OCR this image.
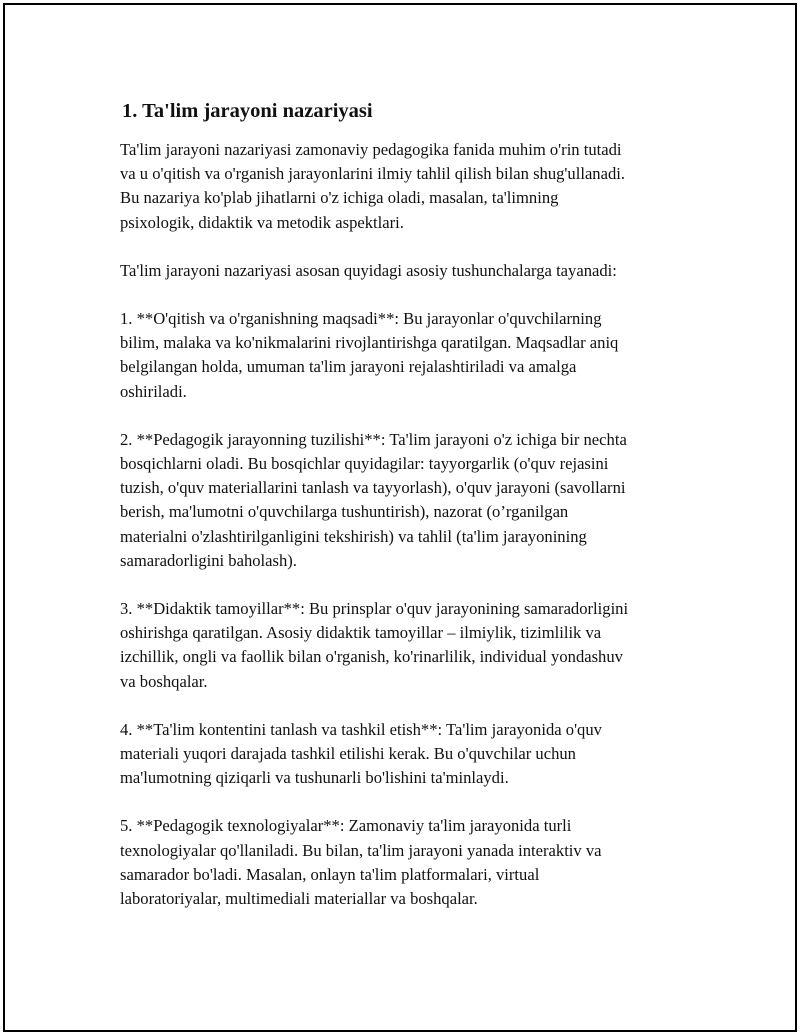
1. Ta'lim jarayoni nazariyasi

Ta'lim jarayoni nazariyasi zamonaviy pedagogika fanida muhim o'rin tutadi
va u o'qitish va o'rganish jarayonlarini ilmiy tahlil qilish bilan shug'ullanadi.
Bu nazariya ko'plab jihatlarni o'z ichiga oladi, masalan, ta'limning
psixologik, didaktik va metodik aspektlari.

Ta'lim jarayoni nazariyasi asosan quyidagi asosiy tushunchalarga tayanadi:

1. **O'qitish va o'rganishning maqsadi**: Bu jarayonlar o'quvchilarning
bilim, malaka va ko'nikmalarini rivojlantirishga qaratilgan. Maqsadlar aniq
belgilangan holda, umuman ta'lim jarayoni rejalashtiriladi va amalga
oshiriladi.

2. **Pedagogik jarayonning tuzilishi**: Ta'lim jarayoni o'z ichiga bir nechta
bosqichlarni oladi. Bu bosqichlar quyidagilar: tayyorgarlik (o'quv rejasini
tuzish, o'quv materiallarini tanlash va tayyorlash), o'quv jarayoni (savollarni
berish, ma'lumotni o'quvchilarga tushuntirish), nazorat (o’rganilgan
materialni o'zlashtirilganligini tekshirish) va tahlil (ta'lim jarayonining
samaradorligini baholash).

3. **Didaktik tamoyillar**: Bu prinsplar o'quv jarayonining samaradorligini
oshirishga qaratilgan. Asosiy didaktik tamoyillar – ilmiylik, tizimlilik va
izchillik, ongli va faollik bilan o'rganish, ko'rinarlilik, individual yondashuv
va boshqalar.

4. **Ta'lim kontentini tanlash va tashkil etish**: Ta'lim jarayonida o'quv
materiali yuqori darajada tashkil etilishi kerak. Bu o'quvchilar uchun
ma'lumotning qiziqarli va tushunarli bo'lishini ta'minlaydi.

5. **Pedagogik texnologiyalar**: Zamonaviy ta'lim jarayonida turli
texnologiyalar qo'llaniladi. Bu bilan, ta'lim jarayoni yanada interaktiv va
samarador bo'ladi. Masalan, onlayn ta'lim platformalari, virtual
laboratoriyalar, multimediali materiallar va boshqalar.
